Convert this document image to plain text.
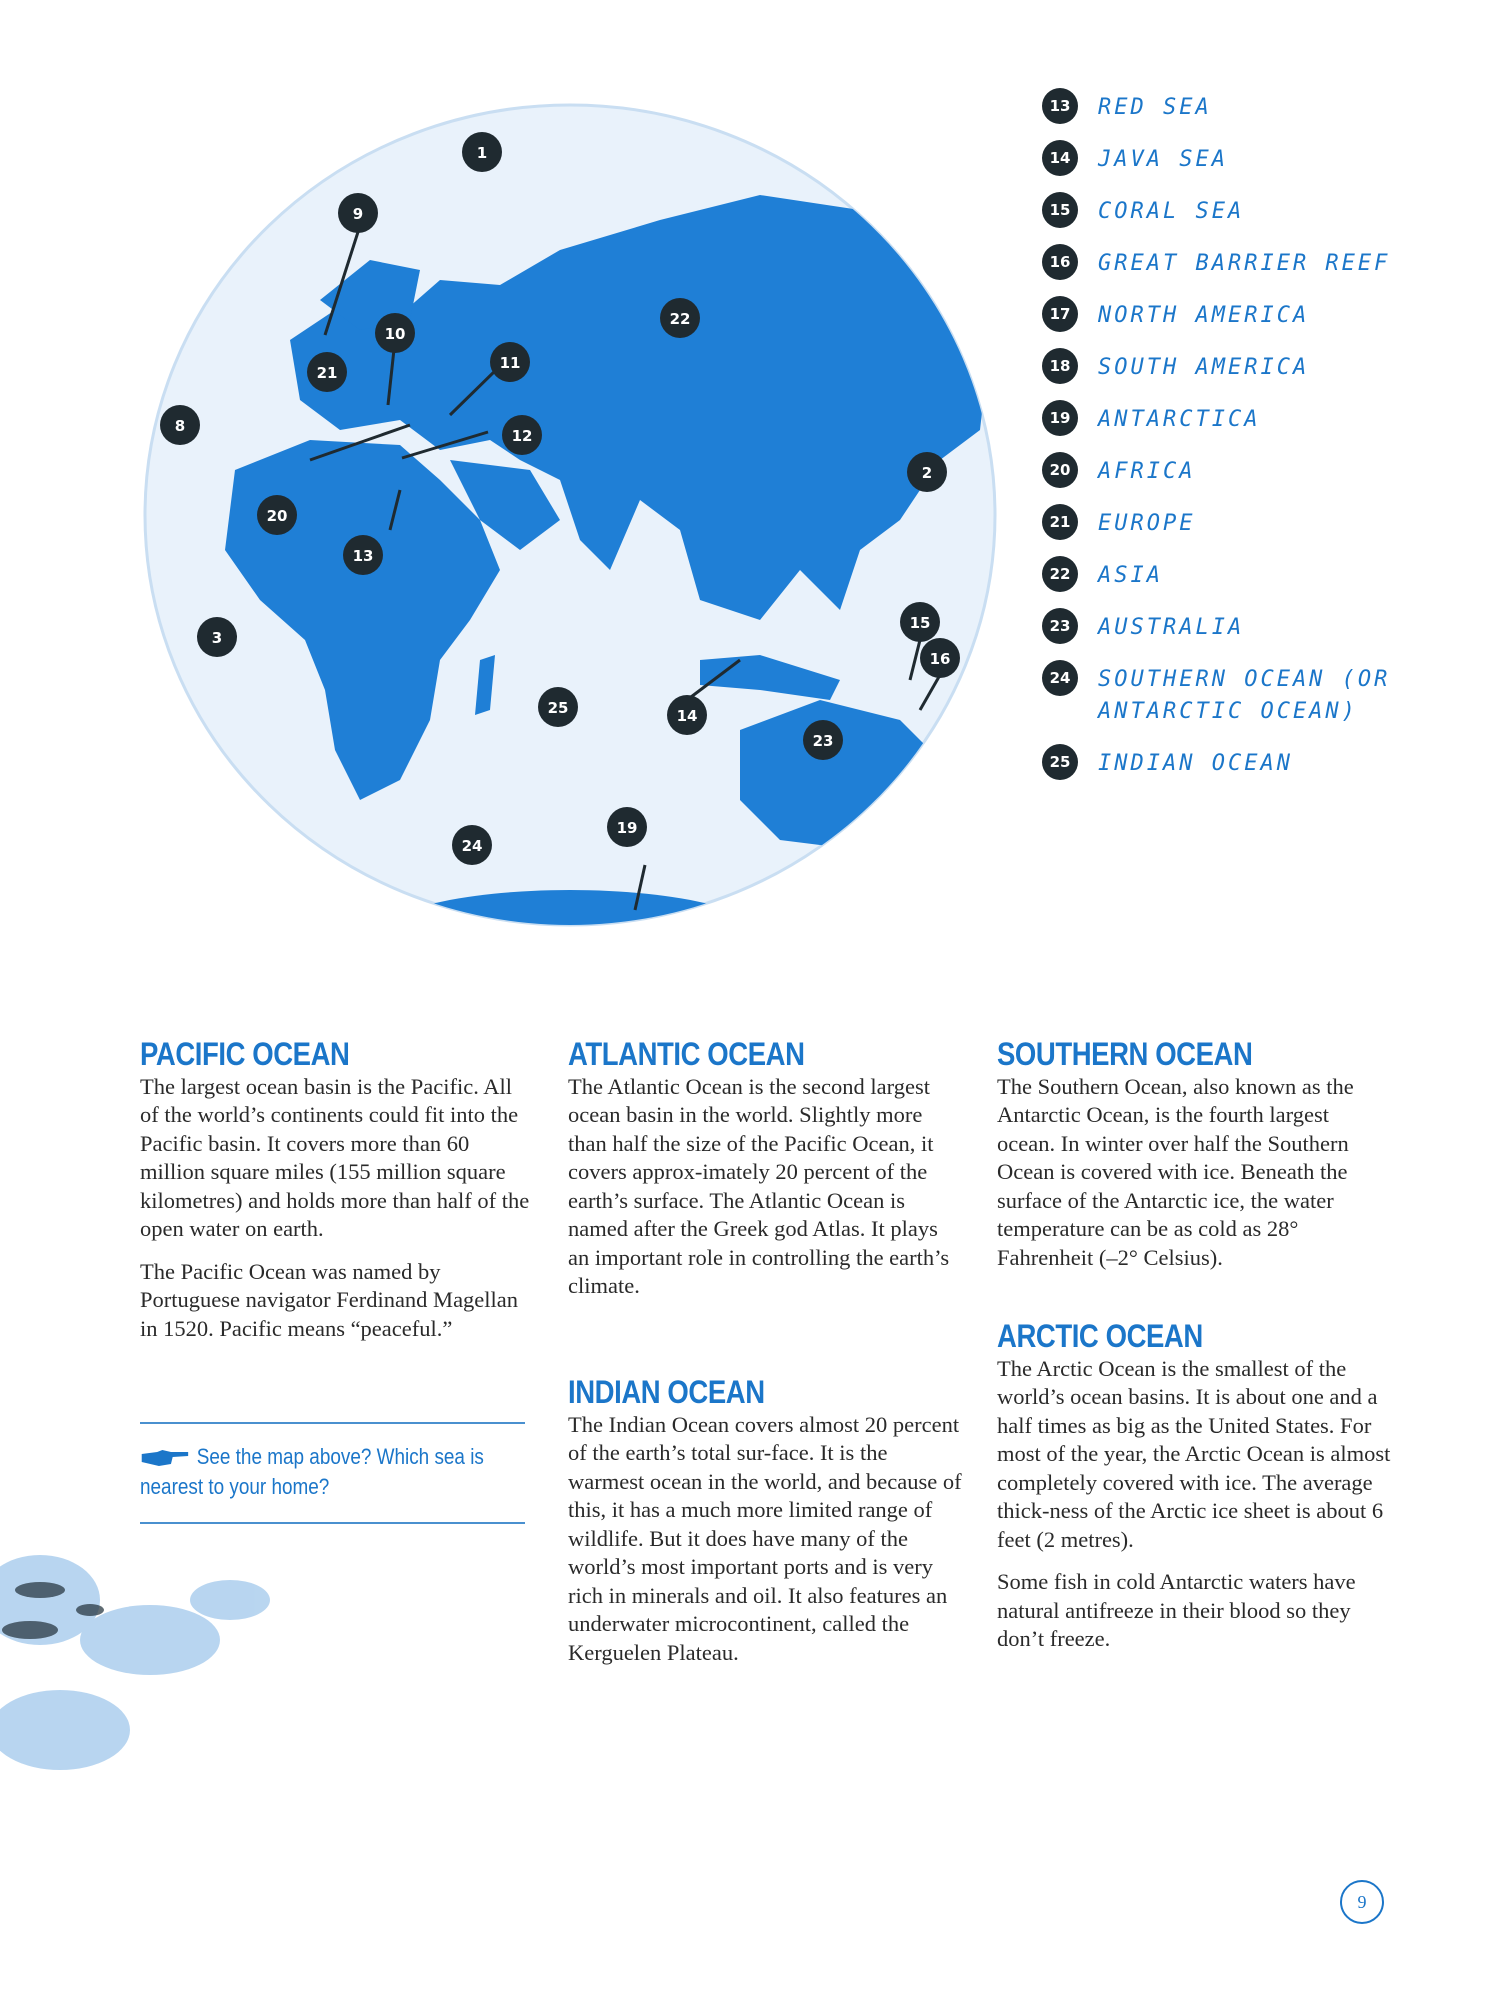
1
2
3
8
9
10
11
12
13
14
15
16
19
20
21
22
23
24
25
13	RED SEA
14	JAVA SEA
15	CORAL SEA
16	GREAT BARRIER REEF
17	NORTH AMERICA
18	SOUTH AMERICA
19	ANTARCTICA
20	AFRICA
21	EUROPE
22	ASIA
23	AUSTRALIA
24	SOUTHERN OCEAN (OR ANTARCTIC OCEAN)
25	INDIAN OCEAN
PACIFIC OCEAN

The largest ocean basin is the Pacific. All of the world’s continents could fit into the Pacific basin. It covers more than 60 million square miles (155 million square kilometres) and holds more than half of the open water on earth.

The Pacific Ocean was named by Portuguese navigator Ferdinand Magellan in 1520. Pacific means “peaceful.”

See the map above? Which sea is nearest to your home?
ATLANTIC OCEAN

The Atlantic Ocean is the second largest ocean basin in the world. Slightly more than half the size of the Pacific Ocean, it covers approx-imately 20 percent of the earth’s surface. The Atlantic Ocean is named after the Greek god Atlas. It plays an important role in controlling the earth’s climate.

INDIAN OCEAN

The Indian Ocean covers almost 20 percent of the earth’s total sur-face. It is the warmest ocean in the world, and because of this, it has a much more limited range of wildlife. But it does have many of the world’s most important ports and is very rich in minerals and oil. It also features an underwater microcontinent, called the Kerguelen Plateau.

SOUTHERN OCEAN

The Southern Ocean, also known as the Antarctic Ocean, is the fourth largest ocean. In winter over half the Southern Ocean is covered with ice. Beneath the surface of the Antarctic ice, the water temperature can be as cold as 28° Fahrenheit (–2° Celsius).

ARCTIC OCEAN

The Arctic Ocean is the smallest of the world’s ocean basins. It is about one and a half times as big as the United States. For most of the year, the Arctic Ocean is almost completely covered with ice. The average thick-ness of the Arctic ice sheet is about 6 feet (2 metres).

Some fish in cold Antarctic waters have natural antifreeze in their blood so they don’t freeze.

9
